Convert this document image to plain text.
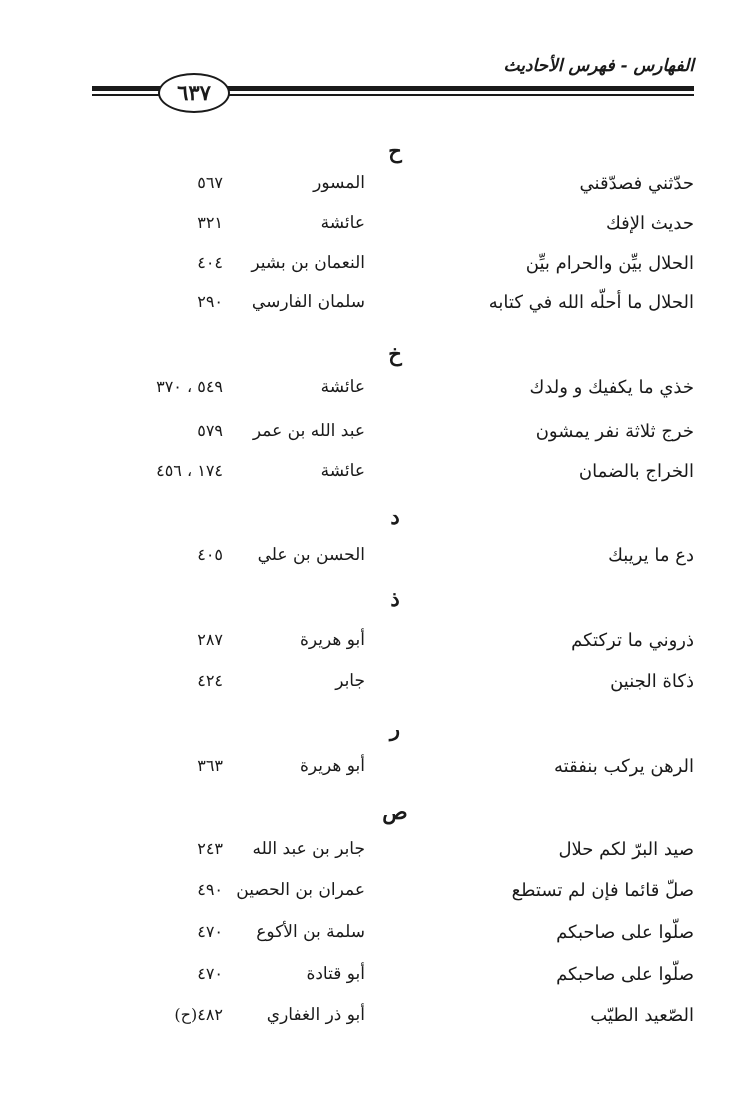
الفهارس - فهرس الأحاديث
٦٣٧
ح
حدّثني فصدّقني
المسور
٥٦٧
حديث الإفك
عائشة
٣٢١
الحلال بيِّن والحرام بيِّن
النعمان بن بشير
٤٠٤
الحلال ما أحلّه الله في كتابه
سلمان الفارسي
٢٩٠
خ
خذي ما يكفيك و ولدك
عائشة
٥٤٩ ، ٣٧٠
خرج ثلاثة نفر يمشون
عبد الله بن عمر
٥٧٩
الخراج بالضمان
عائشة
١٧٤ ، ٤٥٦
د
دع ما يريبك
الحسن بن علي
٤٠٥
ذ
ذروني ما تركتكم
أبو هريرة
٢٨٧
ذكاة الجنين
جابر
٤٢٤
ر
الرهن يركب بنفقته
أبو هريرة
٣٦٣
ص
صيد البرّ لكم حلال
جابر بن عبد الله
٢٤٣
صلّ قائما فإن لم تستطع
عمران بن الحصين
٤٩٠
صلّوا على صاحبكم
سلمة بن الأكوع
٤٧٠
صلّوا على صاحبكم
أبو قتادة
٤٧٠
الصّعيد الطيّب
أبو ذر الغفاري
٤٨٢(ح)
